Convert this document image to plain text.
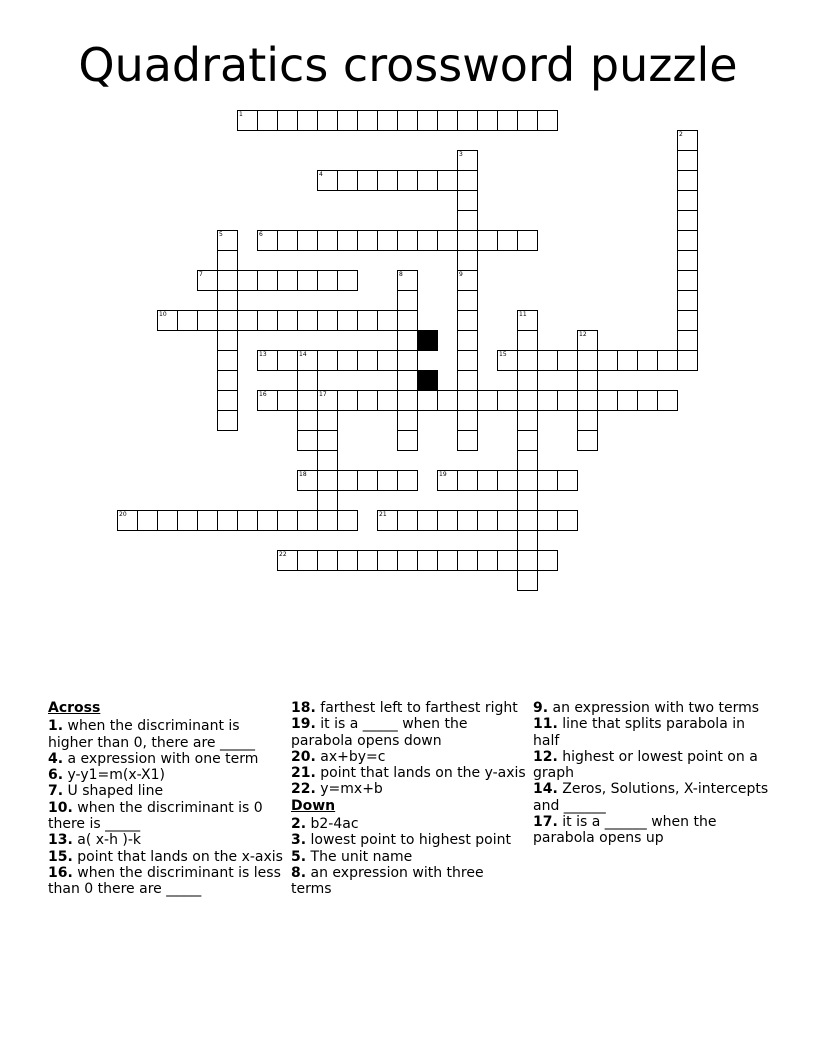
Quadratics crossword puzzle
1
2
3
9
4
5	6
7	8
10	11
12
13	14	15
16	17
18	19
20	21
22
Across
1. when the discriminant is higher than 0, there are _____
4. a expression with one term
6. y-y1=m(x-X1)
7. U shaped line
10. when the discriminant is 0 there is _____
13. a( x-h )-k
15. point that lands on the x-axis
16. when the discriminant is less than 0 there are _____
18. farthest left to farthest right
19. it is a _____ when the parabola opens down
20. ax+by=c
21. point that lands on the y-axis
22. y=mx+b
Down
2. b2-4ac
3. lowest point to highest point
5. The unit name
8. an expression with three terms
9. an expression with two terms
11. line that splits parabola in half
12. highest or lowest point on a graph
14. Zeros, Solutions, X-intercepts and ______
17. it is a ______ when the parabola opens up
